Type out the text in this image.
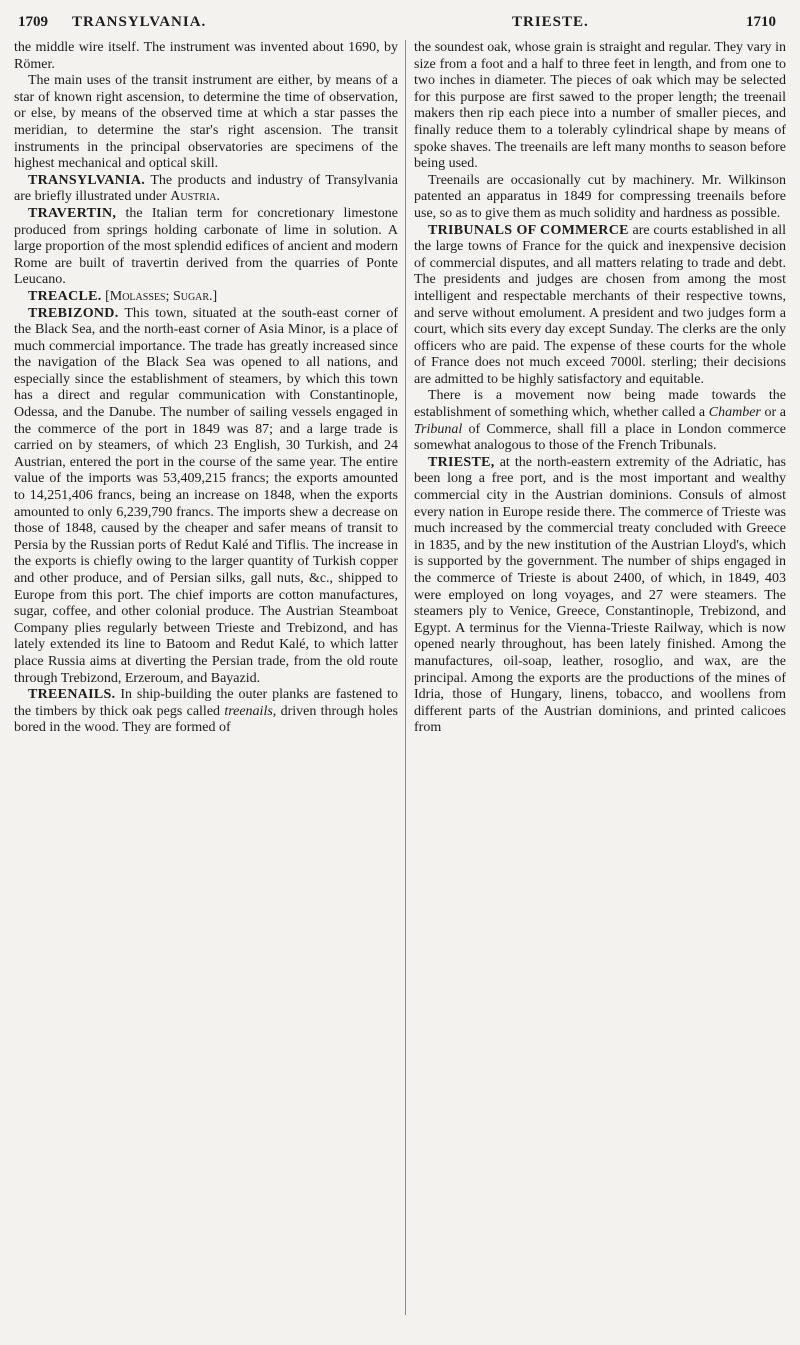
1709 TRANSYLVANIA.	TRIESTE.	1710

the middle wire itself. The instrument was invented about 1690, by Römer.

The main uses of the transit instrument are either, by means of a star of known right ascension, to determine the time of observation, or else, by means of the observed time at which a star passes the meridian, to determine the star's right ascension. The transit instruments in the principal observatories are specimens of the highest mechanical and optical skill.

TRANSYLVANIA. The products and industry of Transylvania are briefly illustrated under Austria.

TRAVERTIN, the Italian term for concretionary limestone produced from springs holding carbonate of lime in solution. A large proportion of the most splendid edifices of ancient and modern Rome are built of travertin derived from the quarries of Ponte Leucano.

TREACLE. [Molasses; Sugar.]

TREBIZOND. This town, situated at the south-east corner of the Black Sea, and the north-east corner of Asia Minor, is a place of much commercial importance. The trade has greatly increased since the navigation of the Black Sea was opened to all nations, and especially since the establishment of steamers, by which this town has a direct and regular communication with Constantinople, Odessa, and the Danube. The number of sailing vessels engaged in the commerce of the port in 1849 was 87; and a large trade is carried on by steamers, of which 23 English, 30 Turkish, and 24 Austrian, entered the port in the course of the same year. The entire value of the imports was 53,409,215 francs; the exports amounted to 14,251,406 francs, being an increase on 1848, when the exports amounted to only 6,239,790 francs. The imports shew a decrease on those of 1848, caused by the cheaper and safer means of transit to Persia by the Russian ports of Redut Kalé and Tiflis. The increase in the exports is chiefly owing to the larger quantity of Turkish copper and other produce, and of Persian silks, gall nuts, &c., shipped to Europe from this port. The chief imports are cotton manufactures, sugar, coffee, and other colonial produce. The Austrian Steamboat Company plies regularly between Trieste and Trebizond, and has lately extended its line to Batoom and Redut Kalé, to which latter place Russia aims at diverting the Persian trade, from the old route through Trebizond, Erzeroum, and Bayazid.

TREENAILS. In ship-building the outer planks are fastened to the timbers by thick oak pegs called treenails, driven through holes bored in the wood. They are formed of

the soundest oak, whose grain is straight and regular. They vary in size from a foot and a half to three feet in length, and from one to two inches in diameter. The pieces of oak which may be selected for this purpose are first sawed to the proper length; the treenail makers then rip each piece into a number of smaller pieces, and finally reduce them to a tolerably cylindrical shape by means of spoke shaves. The treenails are left many months to season before being used.

Treenails are occasionally cut by machinery. Mr. Wilkinson patented an apparatus in 1849 for compressing treenails before use, so as to give them as much solidity and hardness as possible.

TRIBUNALS OF COMMERCE are courts established in all the large towns of France for the quick and inexpensive decision of commercial disputes, and all matters relating to trade and debt. The presidents and judges are chosen from among the most intelligent and respectable merchants of their respective towns, and serve without emolument. A president and two judges form a court, which sits every day except Sunday. The clerks are the only officers who are paid. The expense of these courts for the whole of France does not much exceed 7000l. sterling; their decisions are admitted to be highly satisfactory and equitable.

There is a movement now being made towards the establishment of something which, whether called a Chamber or a Tribunal of Commerce, shall fill a place in London commerce somewhat analogous to those of the French Tribunals.

TRIESTE, at the north-eastern extremity of the Adriatic, has been long a free port, and is the most important and wealthy commercial city in the Austrian dominions. Consuls of almost every nation in Europe reside there. The commerce of Trieste was much increased by the commercial treaty concluded with Greece in 1835, and by the new institution of the Austrian Lloyd's, which is supported by the government. The number of ships engaged in the commerce of Trieste is about 2400, of which, in 1849, 403 were employed on long voyages, and 27 were steamers. The steamers ply to Venice, Greece, Constantinople, Trebizond, and Egypt. A terminus for the Vienna-Trieste Railway, which is now opened nearly throughout, has been lately finished. Among the manufactures, oil-soap, leather, rosoglio, and wax, are the principal. Among the exports are the productions of the mines of Idria, those of Hungary, linens, tobacco, and woollens from different parts of the Austrian dominions, and printed calicoes from
